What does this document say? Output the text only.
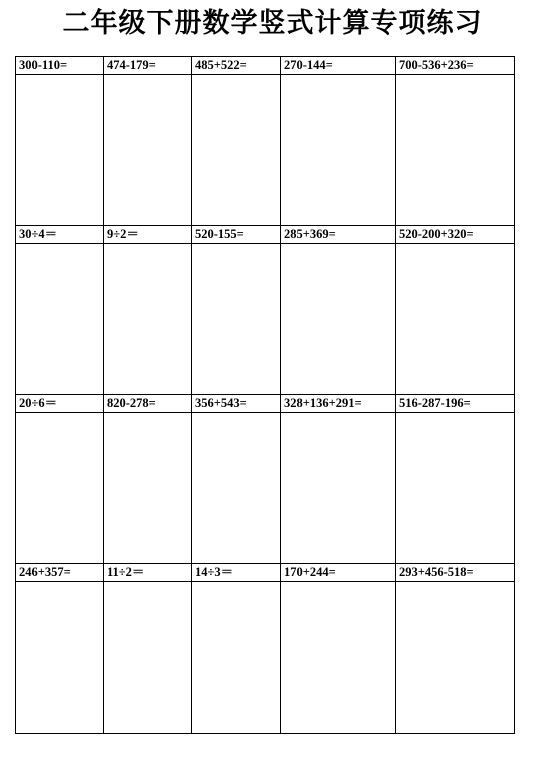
二年级下册数学竖式计算专项练习
300-110=	474-179=	485+522=	270-144=	700-536+236=
30÷4＝	9÷2＝	520-155=	285+369=	520-200+320=
20÷6＝	820-278=	356+543=	328+136+291=	516-287-196=
246+357=	11÷2＝	14÷3＝	170+244=	293+456-518=
